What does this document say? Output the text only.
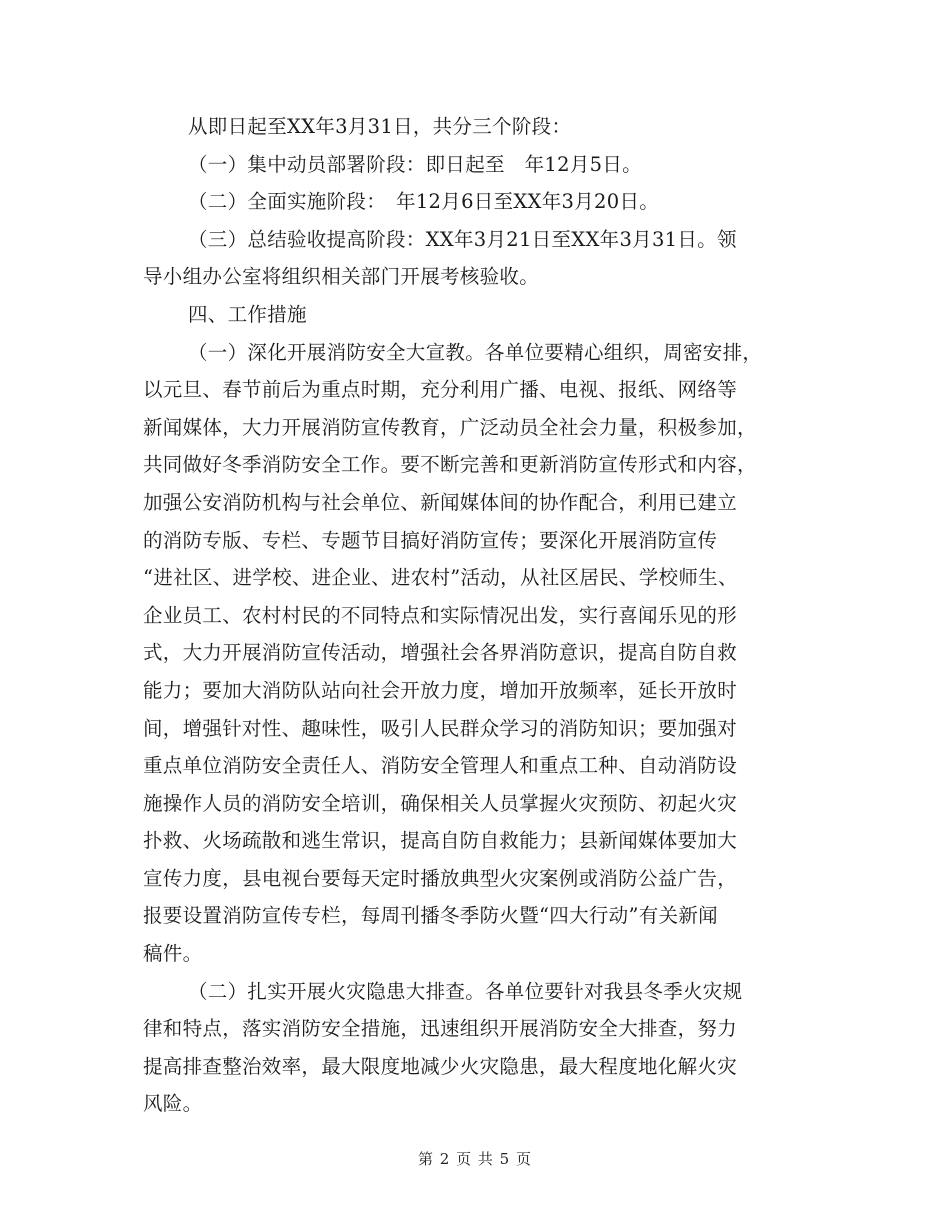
从即日起至XX年3月31日，共分三个阶段：
（一）集中动员部署阶段：即日起至　年12月5日。
（二）全面实施阶段：　年12月6日至XX年3月20日。
（三）总结验收提高阶段：XX年3月21日至XX年3月31日。领
导小组办公室将组织相关部门开展考核验收。
四、工作措施
（一）深化开展消防安全大宣教。各单位要精心组织，周密安排，
以元旦、春节前后为重点时期，充分利用广播、电视、报纸、网络等
新闻媒体，大力开展消防宣传教育，广泛动员全社会力量，积极参加，
共同做好冬季消防安全工作。要不断完善和更新消防宣传形式和内容，
加强公安消防机构与社会单位、新闻媒体间的协作配合，利用已建立
的消防专版、专栏、专题节目搞好消防宣传；要深化开展消防宣传
“进社区、进学校、进企业、进农村”活动，从社区居民、学校师生、
企业员工、农村村民的不同特点和实际情况出发，实行喜闻乐见的形
式，大力开展消防宣传活动，增强社会各界消防意识，提高自防自救
能力；要加大消防队站向社会开放力度，增加开放频率，延长开放时
间，增强针对性、趣味性，吸引人民群众学习的消防知识；要加强对
重点单位消防安全责任人、消防安全管理人和重点工种、自动消防设
施操作人员的消防安全培训，确保相关人员掌握火灾预防、初起火灾
扑救、火场疏散和逃生常识，提高自防自救能力；县新闻媒体要加大
宣传力度，县电视台要每天定时播放典型火灾案例或消防公益广告，
报要设置消防宣传专栏，每周刊播冬季防火暨“四大行动”有关新闻
稿件。
（二）扎实开展火灾隐患大排查。各单位要针对我县冬季火灾规
律和特点，落实消防安全措施，迅速组织开展消防安全大排查，努力
提高排查整治效率，最大限度地减少火灾隐患，最大程度地化解火灾
风险。
第 2 页 共 5 页
